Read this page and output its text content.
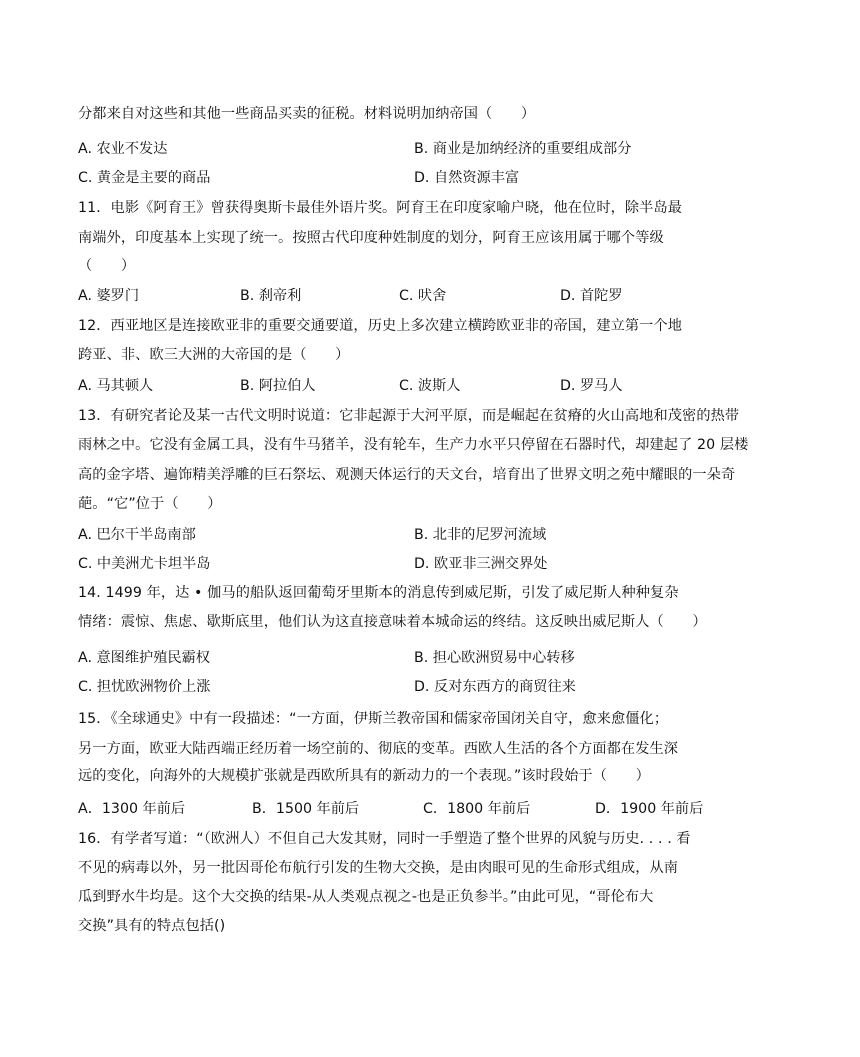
分都来自对这些和其他一些商品买卖的征税。材料说明加纳帝国（　　）
A. 农业不发达	B. 商业是加纳经济的重要组成部分
C. 黄金是主要的商品	D. 自然资源丰富
11．电影《阿育王》曾获得奥斯卡最佳外语片奖。阿育王在印度家喻户晓，他在位时，除半岛最
南端外，印度基本上实现了统一。按照古代印度种姓制度的划分，阿育王应该用属于哪个等级
（　　）
A. 婆罗门	B. 刹帝利	C. 吠舍	D. 首陀罗
12．西亚地区是连接欧亚非的重要交通要道，历史上多次建立横跨欧亚非的帝国，建立第一个地
跨亚、非、欧三大洲的大帝国的是（　　）
A. 马其顿人	B. 阿拉伯人	C. 波斯人	D. 罗马人
13．有研究者论及某一古代文明时说道：它非起源于大河平原，而是崛起在贫瘠的火山高地和茂密的热带
雨林之中。它没有金属工具，没有牛马猪羊，没有轮车，生产力水平只停留在石器时代，却建起了 20 层楼
高的金字塔、遍饰精美浮雕的巨石祭坛、观测天体运行的天文台，培育出了世界文明之苑中耀眼的一朵奇
葩。“它”位于（　　）
A. 巴尔干半岛南部	B. 北非的尼罗河流域
C. 中美洲尤卡坦半岛	D. 欧亚非三洲交界处
14. 1499 年，达 • 伽马的船队返回葡萄牙里斯本的消息传到威尼斯，引发了威尼斯人种种复杂
情绪：震惊、焦虑、歇斯底里，他们认为这直接意味着本城命运的终结。这反映出威尼斯人（　　）
A. 意图维护殖民霸权	B. 担心欧洲贸易中心转移
C. 担忧欧洲物价上涨	D. 反对东西方的商贸往来
15．《全球通史》中有一段描述：“一方面，伊斯兰教帝国和儒家帝国闭关自守，愈来愈僵化；
另一方面，欧亚大陆西端正经历着一场空前的、彻底的变革。西欧人生活的各个方面都在发生深
远的变化，向海外的大规模扩张就是西欧所具有的新动力的一个表现。”该时段始于（　　）
A．1300 年前后	B．1500 年前后	C．1800 年前后	D．1900 年前后
16．有学者写道：“（欧洲人）不但自己大发其财，同时一手塑造了整个世界的风貌与历史. . . . 看
不见的病毒以外，另一批因哥伦布航行引发的生物大交换，是由肉眼可见的生命形式组成，从南
瓜到野水牛均是。这个大交换的结果-从人类观点视之-也是正负参半。”由此可见，“哥伦布大
交换”具有的特点包括()
